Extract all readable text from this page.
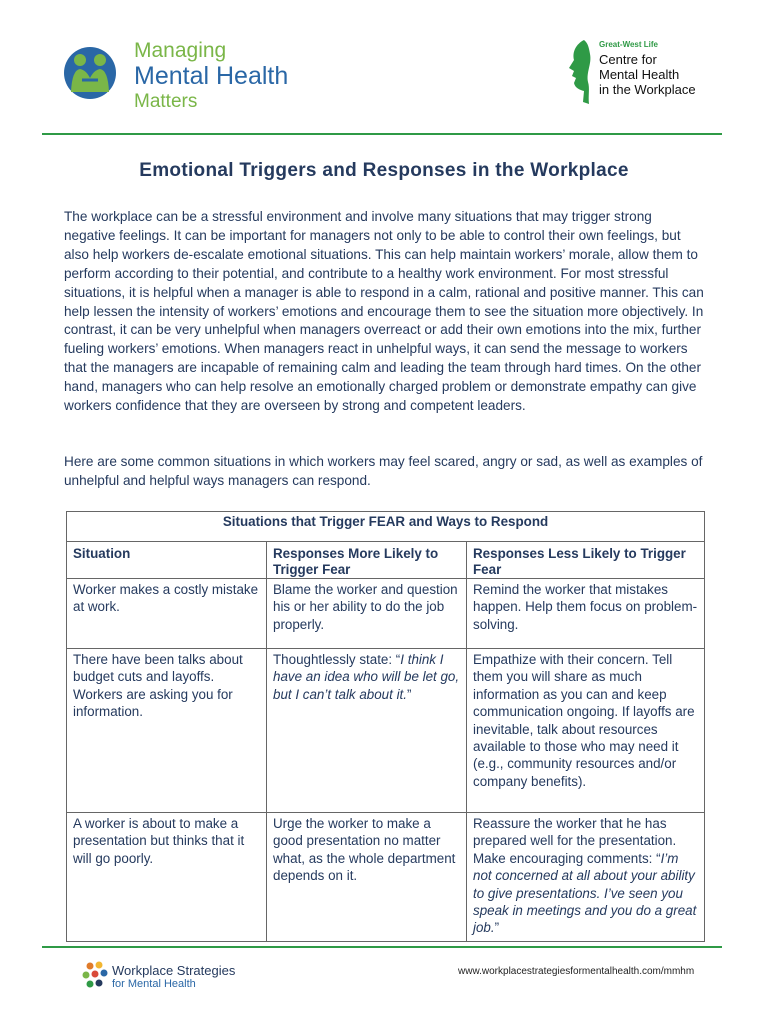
Managing
Mental Health
Matters
Great-West Life
Centre for
Mental Health
in the Workplace
Emotional Triggers and Responses in the Workplace

The workplace can be a stressful environment and involve many situations that may trigger strong negative feelings. It can be important for managers not only to be able to control their own feelings, but also help workers de-escalate emotional situations. This can help maintain workers’ morale, allow them to perform according to their potential, and contribute to a healthy work environment. For most stressful situations, it is helpful when a manager is able to respond in a calm, rational and positive manner. This can help lessen the intensity of workers’ emotions and encourage them to see the situation more objectively. In contrast, it can be very unhelpful when managers overreact or add their own emotions into the mix, further fueling workers’ emotions. When managers react in unhelpful ways, it can send the message to workers that the managers are incapable of remaining calm and leading the team through hard times. On the other hand, managers who can help resolve an emotionally charged problem or demonstrate empathy can give workers confidence that they are overseen by strong and competent leaders.

Here are some common situations in which workers may feel scared, angry or sad, as well as examples of unhelpful and helpful ways managers can respond.

Situations that Trigger FEAR and Ways to Respond		
Situation	Responses More Likely to Trigger Fear	Responses Less Likely to Trigger Fear
Worker makes a costly mistake at work.	Blame the worker and question his or her ability to do the job properly.	Remind the worker that mistakes happen. Help them focus on problem-solving.
There have been talks about budget cuts and layoffs. Workers are asking you for information.	Thoughtlessly state: “I think I have an idea who will be let go, but I can’t talk about it.”	Empathize with their concern. Tell them you will share as much information as you can and keep communication ongoing. If layoffs are inevitable, talk about resources available to those who may need it (e.g., community resources and/or company benefits).
A worker is about to make a presentation but thinks that it will go poorly.	Urge the worker to make a good presentation no matter what, as the whole department depends on it.	Reassure the worker that he has prepared well for the presentation. Make encouraging comments: “I’m not concerned at all about your ability to give presentations. I’ve seen you speak in meetings and you do a great job.”
Workplace Strategies
for Mental Health
www.workplacestrategiesformentalhealth.com/mmhm
